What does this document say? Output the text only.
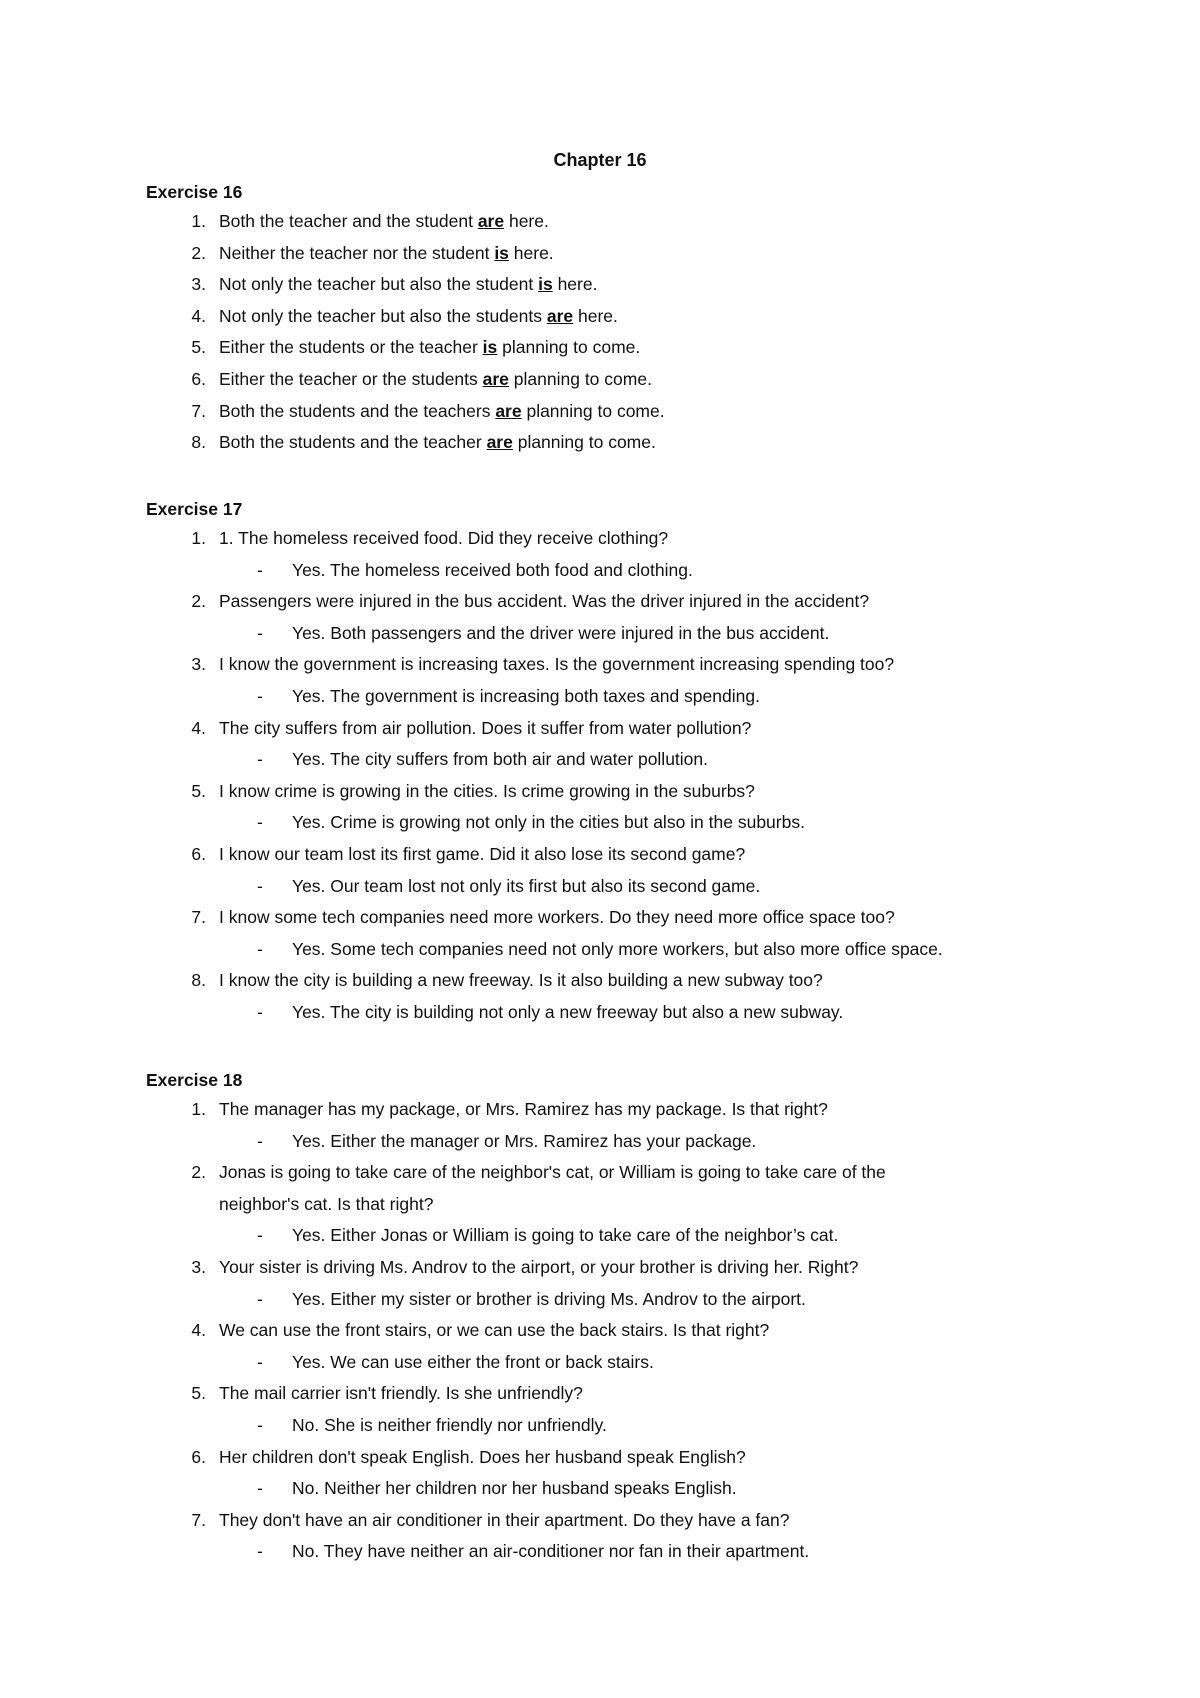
Chapter 16
Exercise 16
1. Both the teacher and the student are here.
2. Neither the teacher nor the student is here.
3. Not only the teacher but also the student is here.
4. Not only the teacher but also the students are here.
5. Either the students or the teacher is planning to come.
6. Either the teacher or the students are planning to come.
7. Both the students and the teachers are planning to come.
8. Both the students and the teacher are planning to come.
Exercise 17
1. 1. The homeless received food. Did they receive clothing?
- Yes. The homeless received both food and clothing.
2. Passengers were injured in the bus accident. Was the driver injured in the accident?
- Yes. Both passengers and the driver were injured in the bus accident.
3. I know the government is increasing taxes. Is the government increasing spending too?
- Yes. The government is increasing both taxes and spending.
4. The city suffers from air pollution. Does it suffer from water pollution?
- Yes. The city suffers from both air and water pollution.
5. I know crime is growing in the cities. Is crime growing in the suburbs?
- Yes. Crime is growing not only in the cities but also in the suburbs.
6. I know our team lost its first game. Did it also lose its second game?
- Yes. Our team lost not only its first but also its second game.
7. I know some tech companies need more workers. Do they need more office space too?
- Yes. Some tech companies need not only more workers, but also more office space.
8. I know the city is building a new freeway. Is it also building a new subway too?
- Yes. The city is building not only a new freeway but also a new subway.
Exercise 18
1. The manager has my package, or Mrs. Ramirez has my package. Is that right?
- Yes. Either the manager or Mrs. Ramirez has your package.
2. Jonas is going to take care of the neighbor's cat, or William is going to take care of the
neighbor's cat. Is that right?
- Yes. Either Jonas or William is going to take care of the neighbor’s cat.
3. Your sister is driving Ms. Androv to the airport, or your brother is driving her. Right?
- Yes. Either my sister or brother is driving Ms. Androv to the airport.
4. We can use the front stairs, or we can use the back stairs. Is that right?
- Yes. We can use either the front or back stairs.
5. The mail carrier isn't friendly. Is she unfriendly?
- No. She is neither friendly nor unfriendly.
6. Her children don't speak English. Does her husband speak English?
- No. Neither her children nor her husband speaks English.
7. They don't have an air conditioner in their apartment. Do they have a fan?
- No. They have neither an air-conditioner nor fan in their apartment.
